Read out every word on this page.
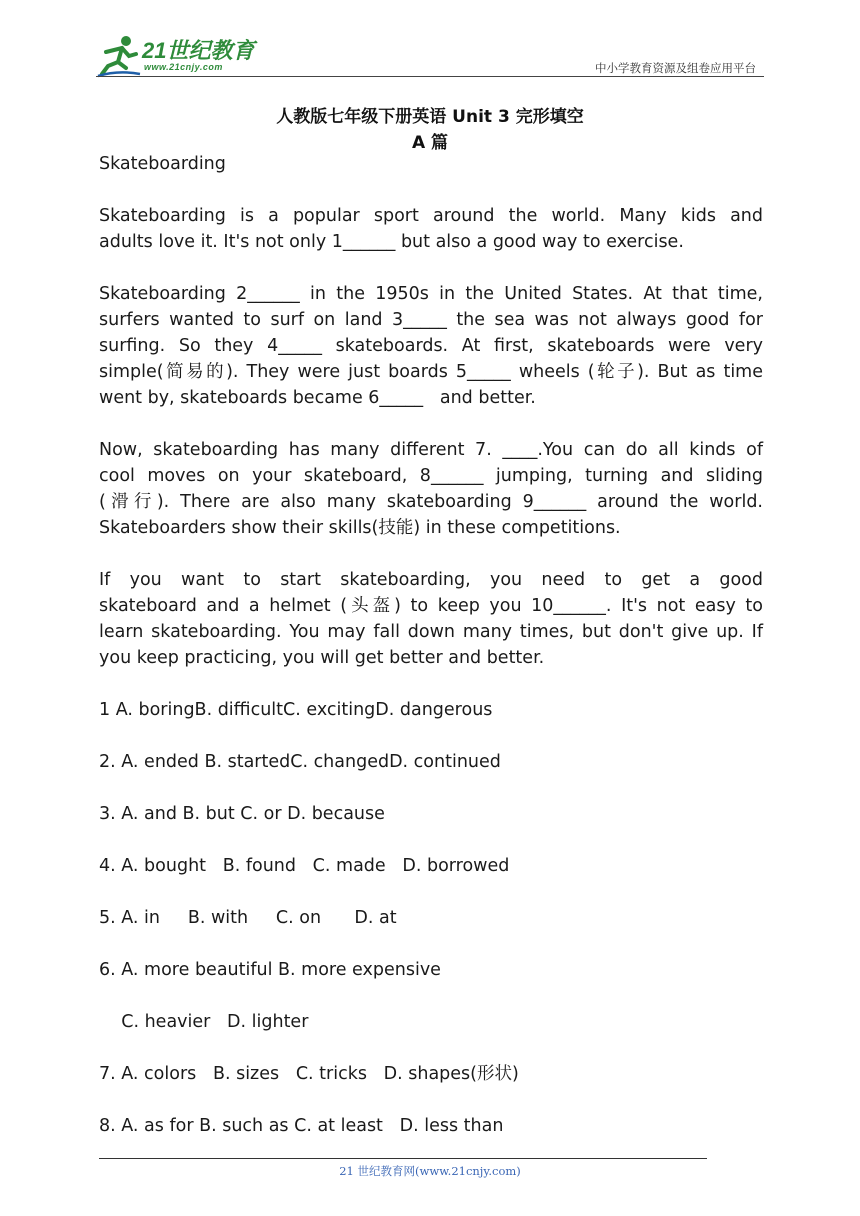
21世纪教育
www.21cnjy.com	中小学教育资源及组卷应用平台
人教版七年级下册英语 Unit 3 完形填空
A 篇
Skateboarding
Skateboarding is a popular sport around the world. Many kids and
adults love it. It's not only 1______ but also a good way to exercise.
Skateboarding 2______ in the 1950s in the United States. At that time,
surfers wanted to surf on land 3_____ the sea was not always good for
surfing. So they 4_____ skateboards. At first, skateboards were very
simple(简易的). They were just boards 5_____ wheels (轮子). But as time
went by, skateboards became 6_____   and better.
Now, skateboarding has many different 7. ____.You can do all kinds of
cool moves on your skateboard, 8______ jumping, turning and sliding
(滑行). There are also many skateboarding 9______ around the world.
Skateboarders show their skills(技能) in these competitions.
If you want to start skateboarding, you need to get a good
skateboard and a helmet (头盔) to keep you 10______. It's not easy to
learn skateboarding. You may fall down many times, but don't give up. If
you keep practicing, you will get better and better.
1 A. boringB. difficultC. excitingD. dangerous
2. A. ended B. startedC. changedD. continued
3. A. and B. but C. or D. because
4. A. bought   B. found   C. made   D. borrowed
5. A. in     B. with     C. on      D. at
6. A. more beautiful B. more expensive
C. heavier   D. lighter
7. A. colors   B. sizes   C. tricks   D. shapes(形状)
8. A. as for B. such as C. at least   D. less than
21 世纪教育网(www.21cnjy.com)
